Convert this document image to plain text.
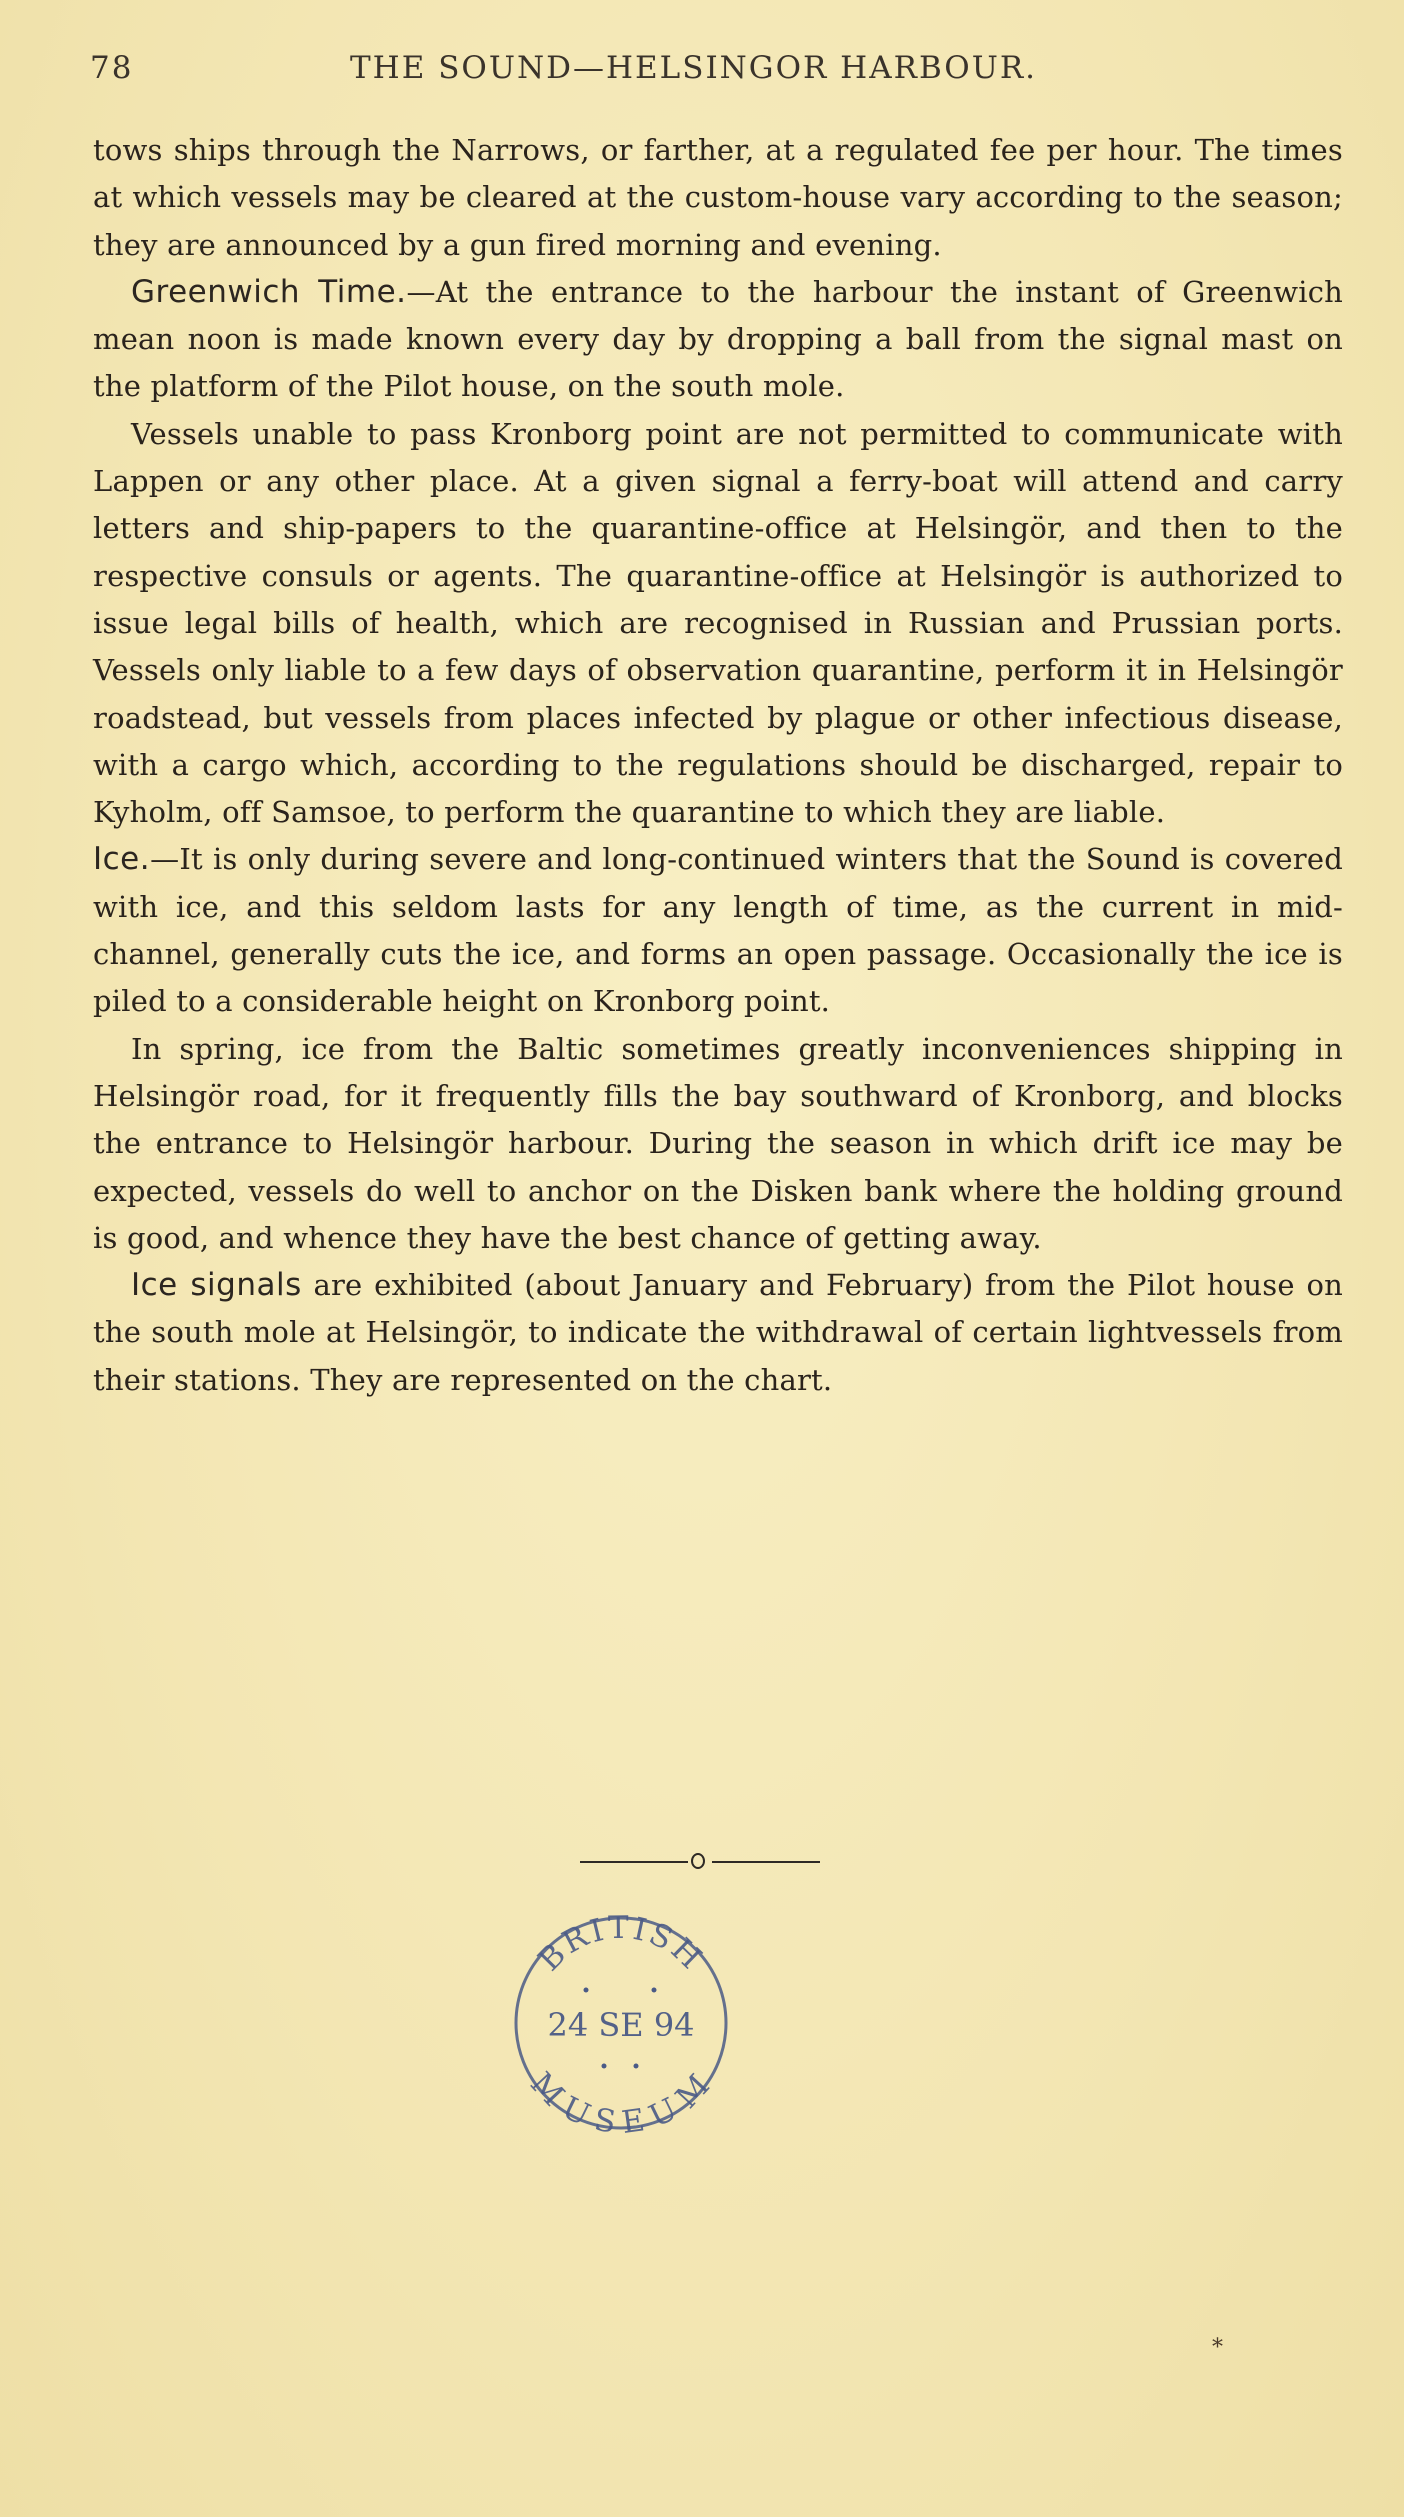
78	THE SOUND—HELSINGOR HARBOUR.

tows ships through the Narrows, or farther, at a regulated fee per hour. The times at which vessels may be cleared at the custom-house vary according to the season; they are announced by a gun fired morning and evening.

Greenwich Time.—At the entrance to the harbour the instant of Greenwich mean noon is made known every day by dropping a ball from the signal mast on the platform of the Pilot house, on the south mole.

Vessels unable to pass Kronborg point are not permitted to communicate with Lappen or any other place. At a given signal a ferry-boat will attend and carry letters and ship-papers to the quarantine-office at Helsingör, and then to the respective consuls or agents. The quarantine-office at Helsingör is authorized to issue legal bills of health, which are recognised in Russian and Prussian ports. Vessels only liable to a few days of observation quarantine, perform it in Helsingör roadstead, but vessels from places infected by plague or other infectious disease, with a cargo which, according to the regulations should be discharged, repair to Kyholm, off Samsoe, to perform the quarantine to which they are liable.

Ice.—It is only during severe and long-continued winters that the Sound is covered with ice, and this seldom lasts for any length of time, as the current in mid-channel, generally cuts the ice, and forms an open passage. Occasionally the ice is piled to a considerable height on Kronborg point.

In spring, ice from the Baltic sometimes greatly inconveniences shipping in Helsingör road, for it frequently fills the bay southward of Kronborg, and blocks the entrance to Helsingör harbour. During the season in which drift ice may be expected, vessels do well to anchor on the Disken bank where the holding ground is good, and whence they have the best chance of getting away.

Ice signals are exhibited (about January and February) from the Pilot house on the south mole at Helsingör, to indicate the withdrawal of certain lightvessels from their stations. They are represented on the chart.

BRITISH
24 SE 94
MUSEUM
⁎
